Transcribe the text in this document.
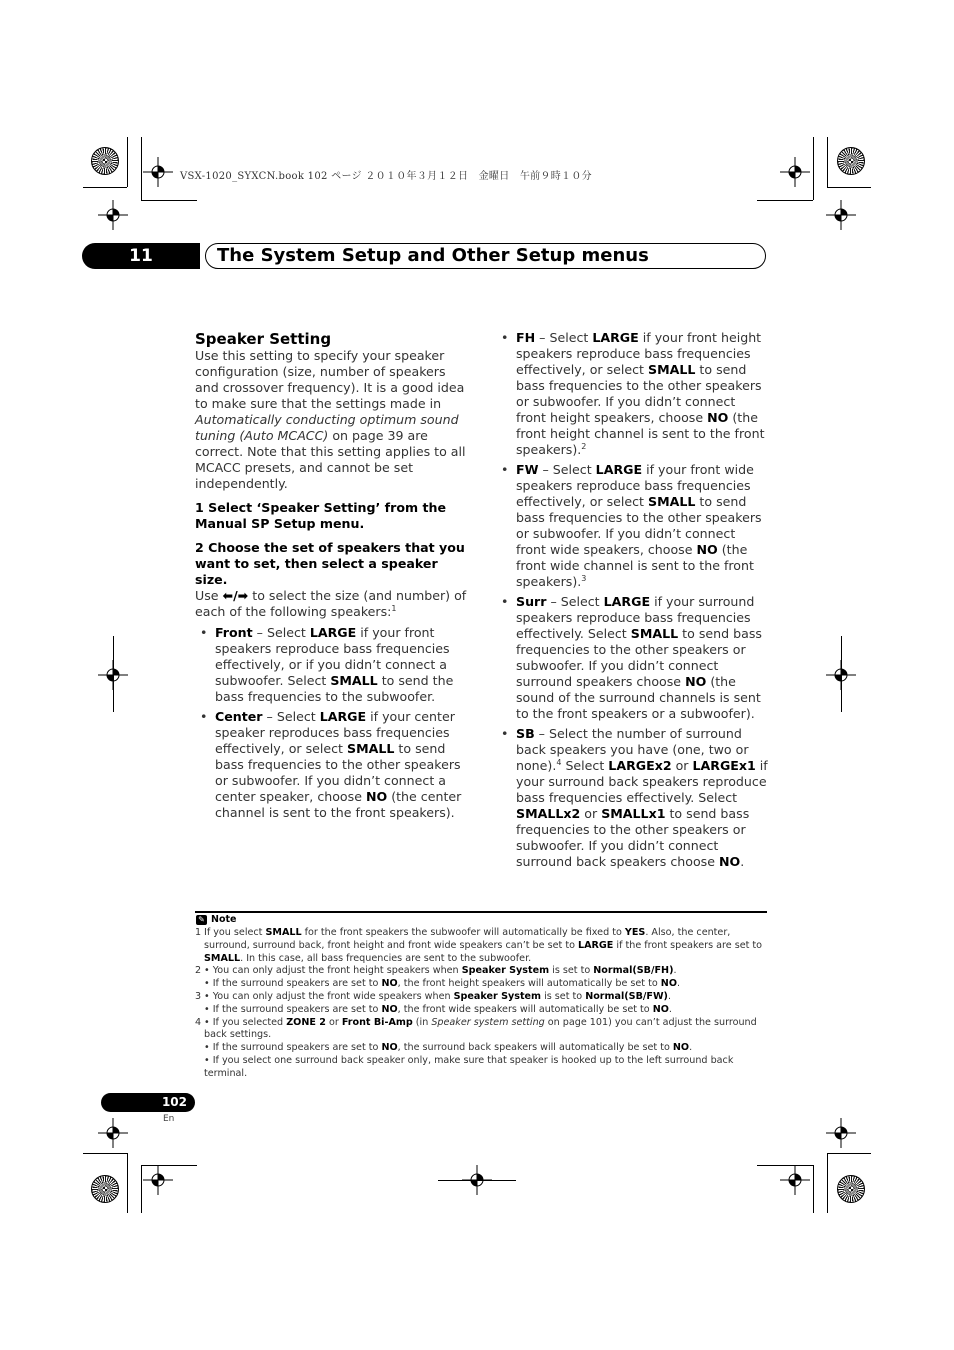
VSX-1020_SYXCN.book 102 ページ ２０１０年３月１２日　金曜日　午前９時１０分
11	The System Setup and Other Setup menus

Speaker Setting

Use this setting to specify your speaker configuration (size, number of speakers and crossover frequency). It is a good idea to make sure that the settings made in Automatically conducting optimum sound tuning (Auto MCACC) on page 39 are correct. Note that this setting applies to all MCACC presets, and cannot be set independently.

1 Select ‘Speaker Setting’ from the Manual SP Setup menu.

2 Choose the set of speakers that you want to set, then select a speaker size.

Use ⬅/➡ to select the size (and number) of each of the following speakers:$^1$

• Front – Select LARGE if your front speakers reproduce bass frequencies effectively, or if you didn’t connect a subwoofer. Select SMALL to send the bass frequencies to the subwoofer.
• Center – Select LARGE if your center speaker reproduces bass frequencies effectively, or select SMALL to send bass frequencies to the other speakers or subwoofer. If you didn’t connect a center speaker, choose NO (the center channel is sent to the front speakers).
• FH – Select LARGE if your front height speakers reproduce bass frequencies effectively, or select SMALL to send bass frequencies to the other speakers or subwoofer. If you didn’t connect front height speakers, choose NO (the front height channel is sent to the front speakers).$^2$
• FW – Select LARGE if your front wide speakers reproduce bass frequencies effectively, or select SMALL to send bass frequencies to the other speakers or subwoofer. If you didn’t connect front wide speakers, choose NO (the front wide channel is sent to the front speakers).$^3$
• Surr – Select LARGE if your surround speakers reproduce bass frequencies effectively. Select SMALL to send bass frequencies to the other speakers or subwoofer. If you didn’t connect surround speakers choose NO (the sound of the surround channels is sent to the front speakers or a subwoofer).
• SB – Select the number of surround back speakers you have (one, two or none).$^4$ Select LARGEx2 or LARGEx1 if your surround back speakers reproduce bass frequencies effectively. Select SMALLx2 or SMALLx1 to send bass frequencies to the other speakers or subwoofer. If you didn’t connect surround back speakers choose NO.
✎ Note
1 If you select SMALL for the front speakers the subwoofer will automatically be fixed to YES. Also, the center, surround, surround back, front height and front wide speakers can’t be set to LARGE if the front speakers are set to SMALL. In this case, all bass frequencies are sent to the subwoofer.
2 • You can only adjust the front height speakers when Speaker System is set to Normal(SB/FH).
• If the surround speakers are set to NO, the front height speakers will automatically be set to NO.
3 • You can only adjust the front wide speakers when Speaker System is set to Normal(SB/FW).
• If the surround speakers are set to NO, the front wide speakers will automatically be set to NO.
4 • If you selected ZONE 2 or Front Bi-Amp (in Speaker system setting on page 101) you can’t adjust the surround back settings.
• If the surround speakers are set to NO, the surround back speakers will automatically be set to NO.
• If you select one surround back speaker only, make sure that speaker is hooked up to the left surround back terminal.
102
En
